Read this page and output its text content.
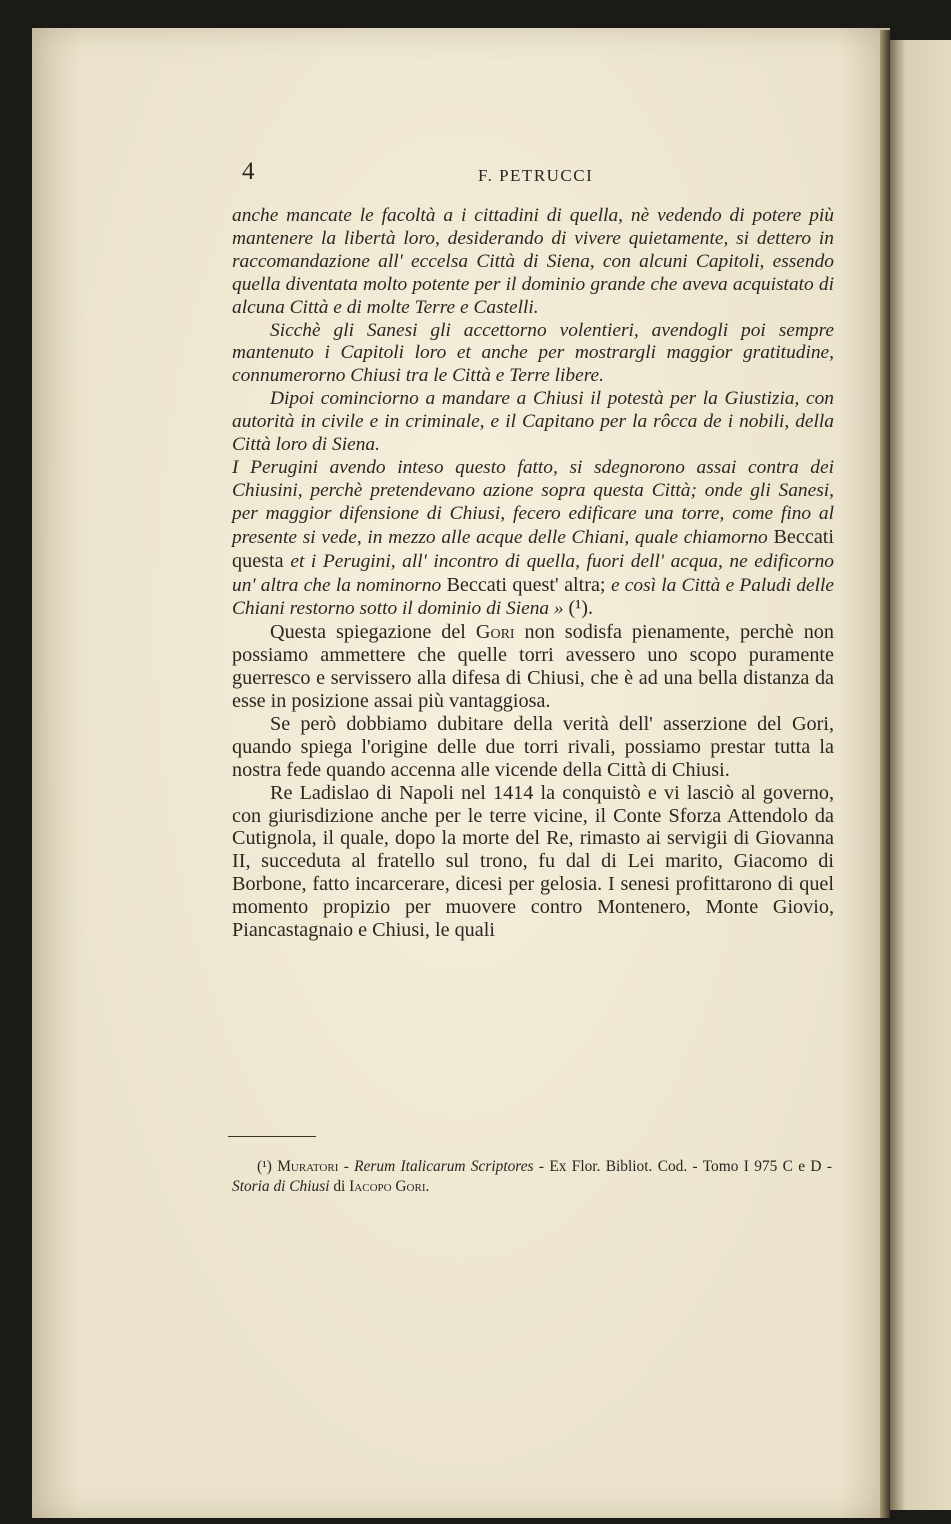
4	F. PETRUCCI

anche mancate le facoltà a i cittadini di quella, nè vedendo di potere più mantenere la libertà loro, desiderando di vivere quietamente, si dettero in raccomandazione all' eccelsa Città di Siena, con alcuni Capitoli, essendo quella diventata molto potente per il dominio grande che aveva acquistato di alcuna Città e di molte Terre e Castelli.

Sicchè gli Sanesi gli accettorno volentieri, avendogli poi sempre mantenuto i Capitoli loro et anche per mostrargli maggior gratitudine, connumerorno Chiusi tra le Città e Terre libere.

Dipoi cominciorno a mandare a Chiusi il potestà per la Giustizia, con autorità in civile e in criminale, e il Capitano per la rôcca de i nobili, della Città loro di Siena.

I Perugini avendo inteso questo fatto, si sdegnorono assai contra dei Chiusini, perchè pretendevano azione sopra questa Città; onde gli Sanesi, per maggior difensione di Chiusi, fecero edificare una torre, come fino al presente si vede, in mezzo alle acque delle Chiani, quale chiamorno Beccati questa et i Perugini, all' incontro di quella, fuori dell' acqua, ne edificorno un' altra che la nominorno Beccati quest' altra; e così la Città e Paludi delle Chiani restorno sotto il dominio di Siena » (¹).

Questa spiegazione del Gori non sodisfa pienamente, perchè non possiamo ammettere che quelle torri avessero uno scopo puramente guerresco e servissero alla difesa di Chiusi, che è ad una bella distanza da esse in posizione assai più vantaggiosa.

Se però dobbiamo dubitare della verità dell' asserzione del Gori, quando spiega l'origine delle due torri rivali, possiamo prestar tutta la nostra fede quando accenna alle vicende della Città di Chiusi.

Re Ladislao di Napoli nel 1414 la conquistò e vi lasciò al governo, con giurisdizione anche per le terre vicine, il Conte Sforza Attendolo da Cutignola, il quale, dopo la morte del Re, rimasto ai servigii di Giovanna II, succeduta al fratello sul trono, fu dal di Lei marito, Giacomo di Borbone, fatto incarcerare, dicesi per gelosia. I senesi profittarono di quel momento propizio per muovere contro Montenero, Monte Giovio, Piancastagnaio e Chiusi, le quali

(¹) Muratori - Rerum Italicarum Scriptores - Ex Flor. Bibliot. Cod. - Tomo I 975 C e D - Storia di Chiusi di Iacopo Gori.
